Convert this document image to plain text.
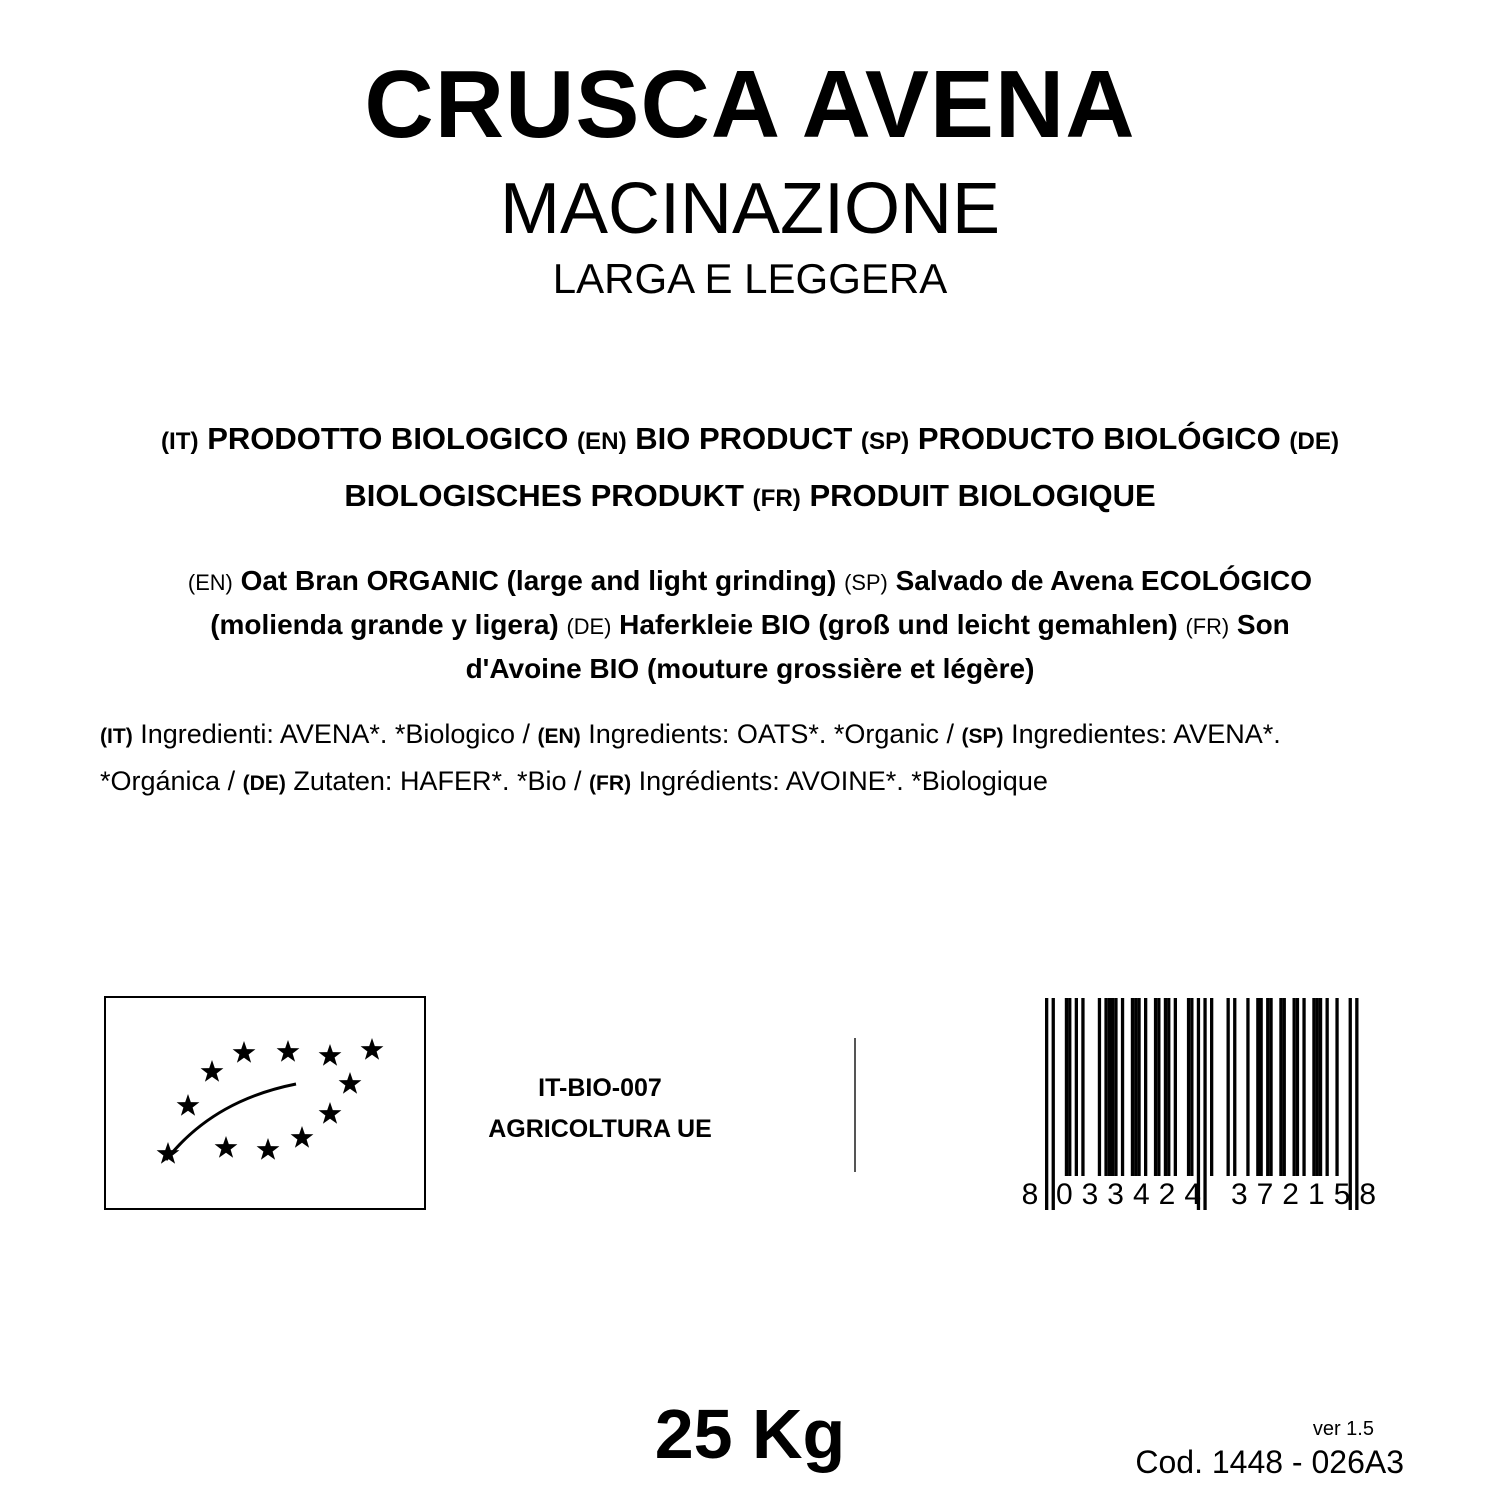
CRUSCA AVENA
MACINAZIONE
LARGA E LEGGERA
(IT) PRODOTTO BIOLOGICO (EN) BIO PRODUCT (SP) PRODUCTO BIOLÓGICO (DE)
BIOLOGISCHES PRODUKT (FR) PRODUIT BIOLOGIQUE
(EN) Oat Bran ORGANIC (large and light grinding) (SP) Salvado de Avena ECOLÓGICO
(molienda grande y ligera) (DE) Haferkleie BIO (groß und leicht gemahlen) (FR) Son
d'Avoine BIO (mouture grossière et légère)
(IT) Ingredienti: AVENA*. *Biologico / (EN) Ingredients: OATS*. *Organic / (SP) Ingredientes: AVENA*.
*Orgánica / (DE) Zutaten: HAFER*. *Bio / (FR) Ingrédients: AVOINE*. *Biologique
IT-BIO-007
AGRICOLTURA UE
8 033424 372158
25 Kg	ver 1.5
Cod. 1448 - 026A3
